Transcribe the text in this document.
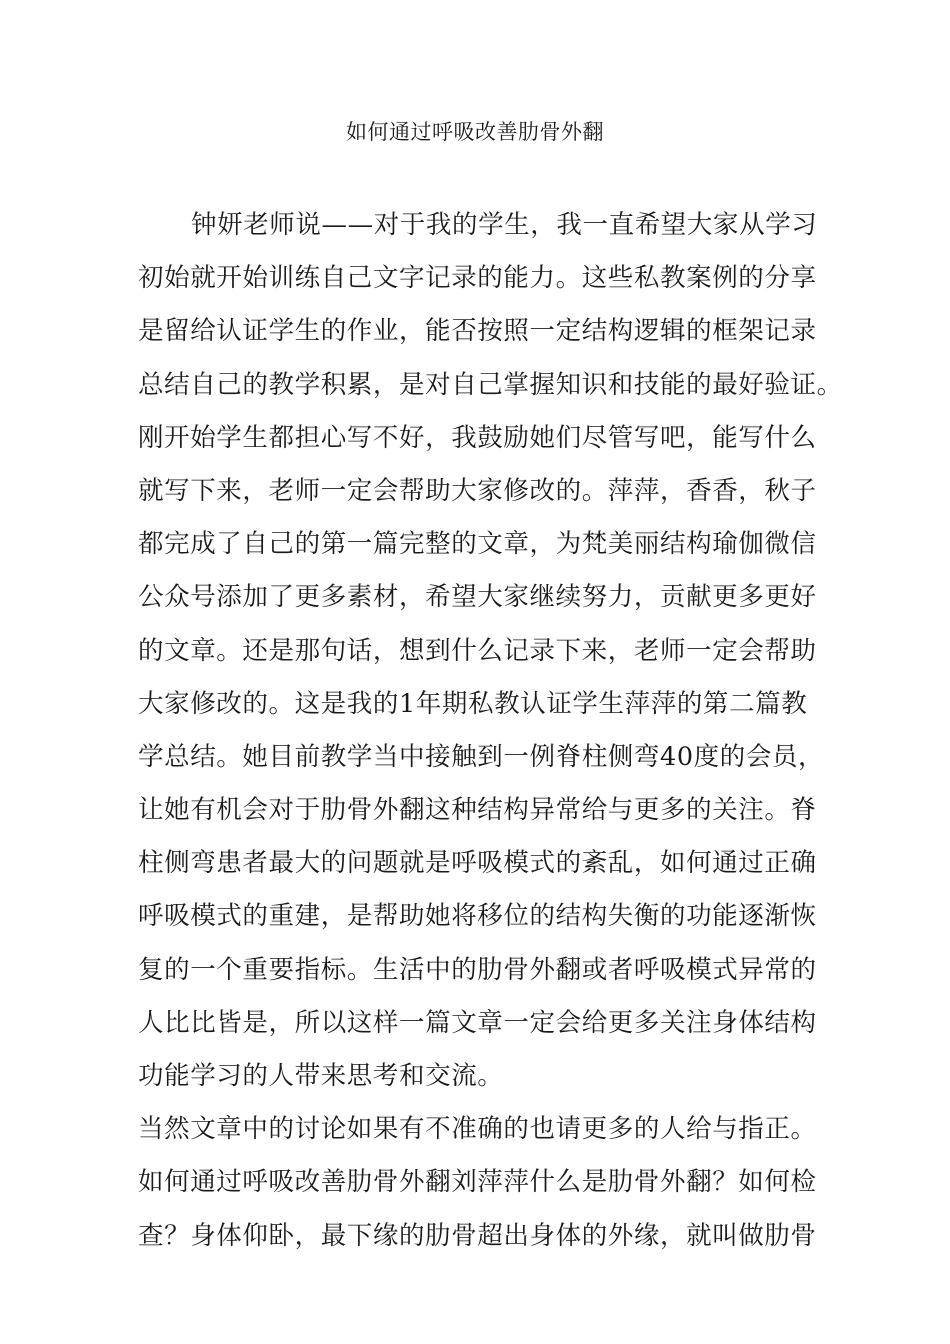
如何通过呼吸改善肋骨外翻
钟妍老师说——对于我的学生，我一直希望大家从学习
初始就开始训练自己文字记录的能力。这些私教案例的分享
是留给认证学生的作业，能否按照一定结构逻辑的框架记录
总结自己的教学积累，是对自己掌握知识和技能的最好验证。
刚开始学生都担心写不好，我鼓励她们尽管写吧，能写什么
就写下来，老师一定会帮助大家修改的。萍萍，香香，秋子
都完成了自己的第一篇完整的文章，为梵美丽结构瑜伽微信
公众号添加了更多素材，希望大家继续努力，贡献更多更好
的文章。还是那句话，想到什么记录下来，老师一定会帮助
大家修改的。这是我的1年期私教认证学生萍萍的第二篇教
学总结。她目前教学当中接触到一例脊柱侧弯40度的会员，
让她有机会对于肋骨外翻这种结构异常给与更多的关注。脊
柱侧弯患者最大的问题就是呼吸模式的紊乱，如何通过正确
呼吸模式的重建，是帮助她将移位的结构失衡的功能逐渐恢
复的一个重要指标。生活中的肋骨外翻或者呼吸模式异常的
人比比皆是，所以这样一篇文章一定会给更多关注身体结构
功能学习的人带来思考和交流。
当然文章中的讨论如果有不准确的也请更多的人给与指正。
如何通过呼吸改善肋骨外翻刘萍萍什么是肋骨外翻？如何检
查？身体仰卧，最下缘的肋骨超出身体的外缘，就叫做肋骨
